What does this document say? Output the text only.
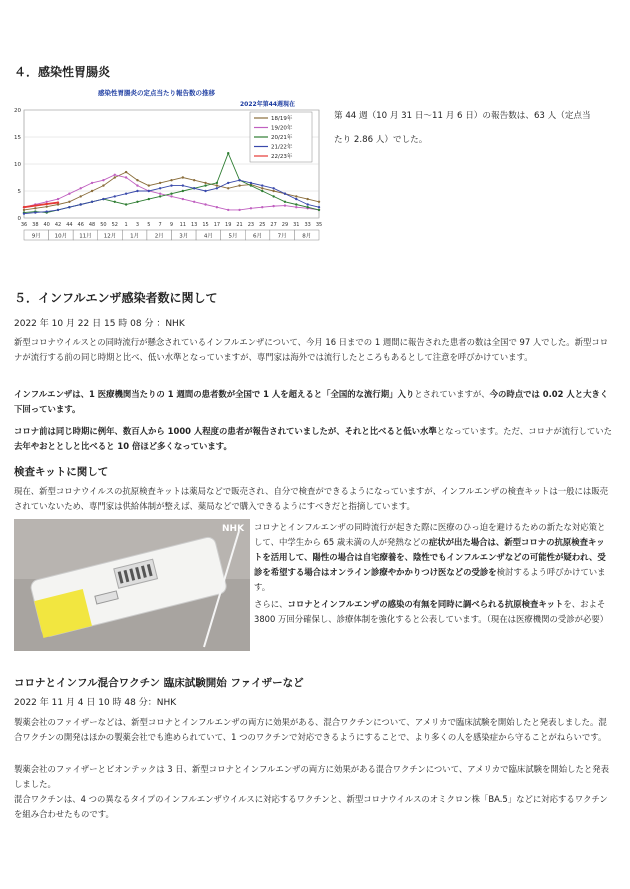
４．感染性胃腸炎
感染性胃腸炎の定点当たり報告数の推移
2022年第44週現在
0
5
10
15
20
36 38 40 42 44 46 48 50 52 1 3 5 7 9 11 13 15 17 19 21 23 25 27 29 31 33 35
9月	10月 11月 12月	1月	2月	3月	4月	5月	6月	7月	8月
18/19年
19/20年
20/21年
21/22年
22/23年
第 44 週（10 月 31 日〜11 月 6 日）の報告数は、63 人（定点当
たり 2.86 人）でした。
５．インフルエンザ感染者数に関して
2022 年 10 月 22 日 15 時 08 分 ：NHK
新型コロナウイルスとの同時流行が懸念されているインフルエンザについて、今月 16 日までの 1 週間に報告された患者の数は全国で 97 人でした。新型コロナが流行する前の同じ時期と比べ、低い水準となっていますが、専門家は海外では流行したところもあるとして注意を呼びかけています。
インフルエンザは、1 医療機関当たりの 1 週間の患者数が全国で 1 人を超えると「全国的な流行期」入りとされていますが、今の時点では 0.02 人と大きく下回っています。
コロナ前は同じ時期に例年、数百人から 1000 人程度の患者が報告されていましたが、それと比べると低い水準となっています。ただ、コロナが流行していた去年やおととしと比べると 10 倍ほど多くなっています。
検査キットに関して
現在、新型コロナウイルスの抗原検査キットは薬局などで販売され、自分で検査ができるようになっていますが、インフルエンザの検査キットは一般には販売されていないため、専門家は供給体制が整えば、薬局などで購入できるようにすべきだと指摘しています。
NHK コロナとインフルエンザの同時流行が起きた際に医療のひっ迫を避けるための新たな対応策として、中学生から 65 歳未満の人が発熱などの症状が出た場合は、新型コロナの抗原検査キットを活用して、陽性の場合は自宅療養を、陰性でもインフルエンザなどの可能性が疑われ、受診を希望する場合はオンライン診療やかかりつけ医などの受診を検討するよう呼びかけています。
さらに、コロナとインフルエンザの感染の有無を同時に調べられる抗原検査キットを、およそ 3800 万回分確保し、診療体制を強化すると公表しています。（現在は医療機関の受診が必要）
コロナとインフル混合ワクチン 臨床試験開始 ファイザーなど
2022 年 11 月 4 日 10 時 48 分：NHK
製薬会社のファイザーなどは、新型コロナとインフルエンザの両方に効果がある、混合ワクチンについて、アメリカで臨床試験を開始したと発表しました。混合ワクチンの開発はほかの製薬会社でも進められていて、1 つのワクチンで対応できるようにすることで、より多くの人を感染症から守ることがねらいです。
製薬会社のファイザーとビオンテックは 3 日、新型コロナとインフルエンザの両方に効果がある混合ワクチンについて、アメリカで臨床試験を開始したと発表しました。
混合ワクチンは、4 つの異なるタイプのインフルエンザウイルスに対応するワクチンと、新型コロナウイルスのオミクロン株「BA.5」などに対応するワクチンを組み合わせたものです。
